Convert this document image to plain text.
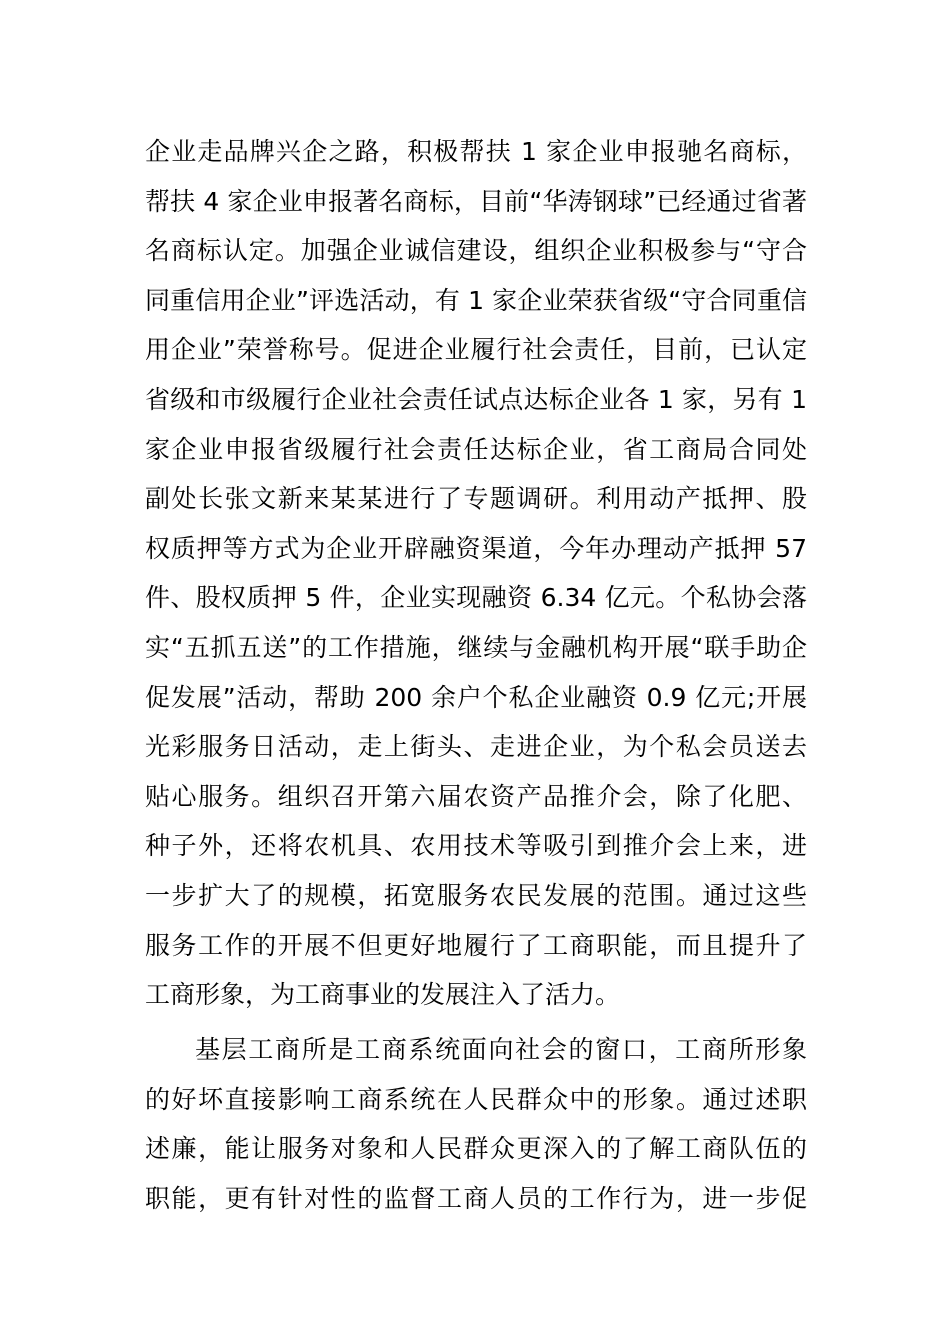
企业走品牌兴企之路，积极帮扶 1 家企业申报驰名商标，
帮扶 4 家企业申报著名商标，目前“华涛钢球”已经通过省著
名商标认定。加强企业诚信建设，组织企业积极参与“守合
同重信用企业”评选活动，有 1 家企业荣获省级“守合同重信
用企业”荣誉称号。促进企业履行社会责任，目前，已认定
省级和市级履行企业社会责任试点达标企业各 1 家，另有 1
家企业申报省级履行社会责任达标企业，省工商局合同处
副处长张文新来某某进行了专题调研。利用动产抵押、股
权质押等方式为企业开辟融资渠道，今年办理动产抵押 57
件、股权质押 5 件，企业实现融资 6.34 亿元。个私协会落
实“五抓五送”的工作措施，继续与金融机构开展“联手助企
促发展”活动，帮助 200 余户个私企业融资 0.9 亿元;开展
光彩服务日活动，走上街头、走进企业，为个私会员送去
贴心服务。组织召开第六届农资产品推介会，除了化肥、
种子外，还将农机具、农用技术等吸引到推介会上来，进
一步扩大了的规模，拓宽服务农民发展的范围。通过这些
服务工作的开展不但更好地履行了工商职能，而且提升了
工商形象，为工商事业的发展注入了活力。
基层工商所是工商系统面向社会的窗口，工商所形象
的好坏直接影响工商系统在人民群众中的形象。通过述职
述廉，能让服务对象和人民群众更深入的了解工商队伍的
职能，更有针对性的监督工商人员的工作行为，进一步促
